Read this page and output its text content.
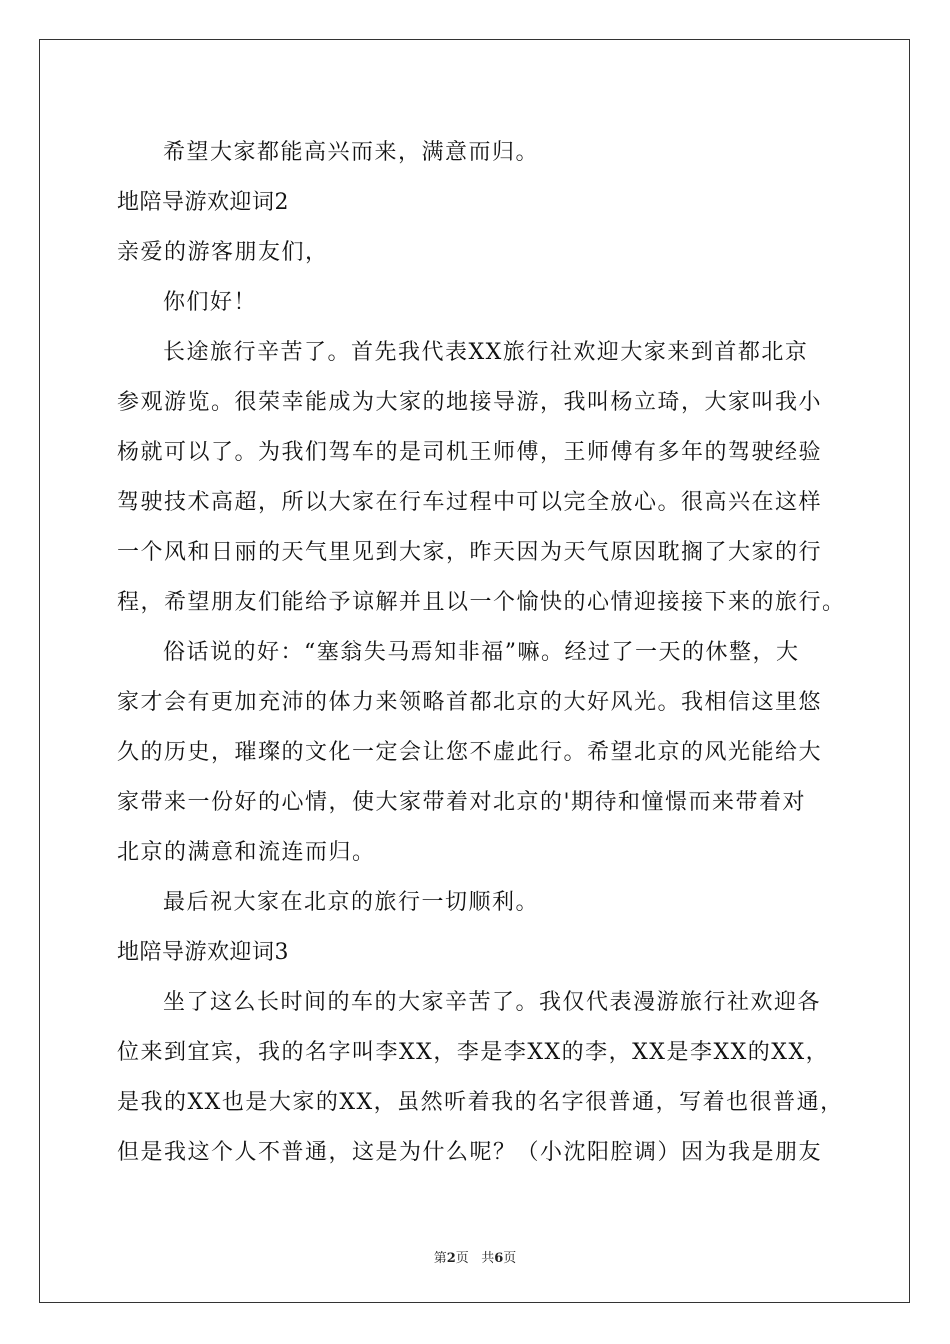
希望大家都能高兴而来，满意而归。
地陪导游欢迎词2
亲爱的游客朋友们，
你们好！
长途旅行辛苦了。首先我代表XX旅行社欢迎大家来到首都北京
参观游览。很荣幸能成为大家的地接导游，我叫杨立琦，大家叫我小
杨就可以了。为我们驾车的是司机王师傅，王师傅有多年的驾驶经验
驾驶技术高超，所以大家在行车过程中可以完全放心。很高兴在这样
一个风和日丽的天气里见到大家，昨天因为天气原因耽搁了大家的行
程，希望朋友们能给予谅解并且以一个愉快的心情迎接接下来的旅行。
俗话说的好：“塞翁失马焉知非福”嘛。经过了一天的休整，大
家才会有更加充沛的体力来领略首都北京的大好风光。我相信这里悠
久的历史，璀璨的文化一定会让您不虚此行。希望北京的风光能给大
家带来一份好的心情，使大家带着对北京的'期待和憧憬而来带着对
北京的满意和流连而归。
最后祝大家在北京的旅行一切顺利。
地陪导游欢迎词3
坐了这么长时间的车的大家辛苦了。我仅代表漫游旅行社欢迎各
位来到宜宾，我的名字叫李XX，李是李XX的李，XX是李XX的XX，
是我的XX也是大家的XX，虽然听着我的名字很普通，写着也很普通，
但是我这个人不普通，这是为什么呢？（小沈阳腔调）因为我是朋友
第2页 共6页
